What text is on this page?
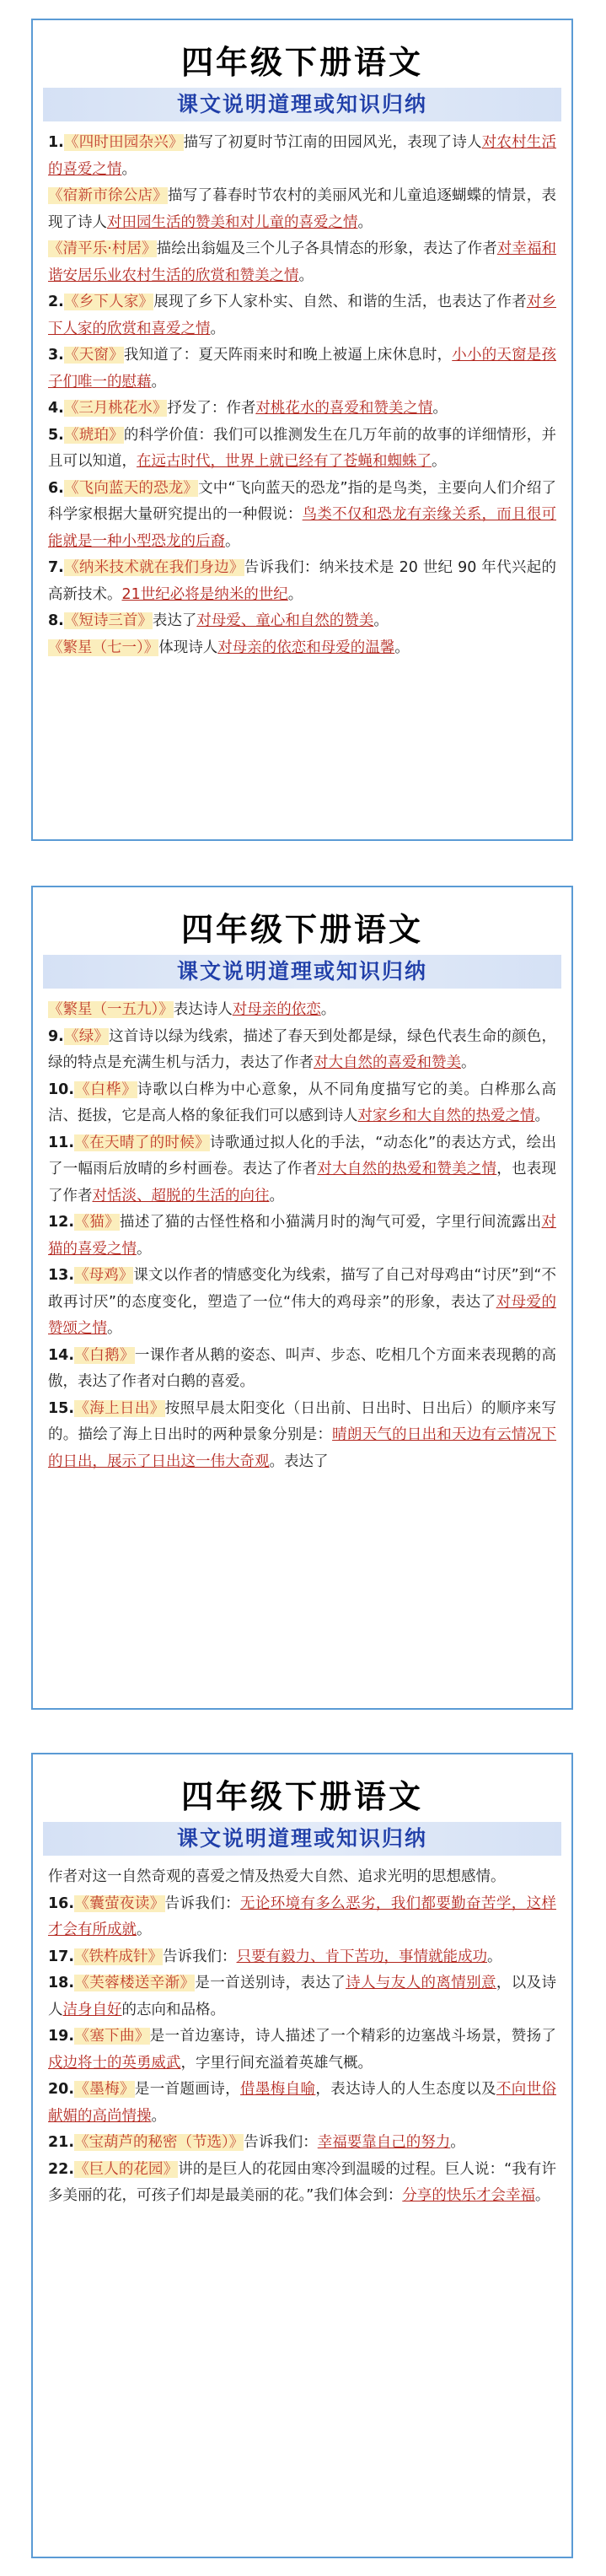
四年级下册语文
课文说明道理或知识归纳

1.《四时田园杂兴》描写了初夏时节江南的田园风光，表现了诗人对农村生活的喜爱之情。

《宿新市徐公店》描写了暮春时节农村的美丽风光和儿童追逐蝴蝶的情景，表现了诗人对田园生活的赞美和对儿童的喜爱之情。

《清平乐·村居》描绘出翁媪及三个儿子各具情态的形象，表达了作者对幸福和谐安居乐业农村生活的欣赏和赞美之情。

2.《乡下人家》展现了乡下人家朴实、自然、和谐的生活，也表达了作者对乡下人家的欣赏和喜爱之情。

3.《天窗》我知道了：夏天阵雨来时和晚上被逼上床休息时，小小的天窗是孩子们唯一的慰藉。

4.《三月桃花水》抒发了：作者对桃花水的喜爱和赞美之情。

5.《琥珀》的科学价值：我们可以推测发生在几万年前的故事的详细情形，并且可以知道，在远古时代，世界上就已经有了苍蝇和蜘蛛了。

6.《飞向蓝天的恐龙》文中“飞向蓝天的恐龙”指的是鸟类，主要向人们介绍了科学家根据大量研究提出的一种假说：鸟类不仅和恐龙有亲缘关系，而且很可能就是一种小型恐龙的后裔。

7.《纳米技术就在我们身边》告诉我们：纳米技术是 20 世纪 90 年代兴起的高新技术。21世纪必将是纳米的世纪。

8.《短诗三首》表达了对母爱、童心和自然的赞美。

《繁星（七一）》体现诗人对母亲的依恋和母爱的温馨。

四年级下册语文
课文说明道理或知识归纳

《繁星（一五九）》表达诗人对母亲的依恋。

9.《绿》这首诗以绿为线索，描述了春天到处都是绿，绿色代表生命的颜色，绿的特点是充满生机与活力，表达了作者对大自然的喜爱和赞美。

10.《白桦》诗歌以白桦为中心意象，从不同角度描写它的美。白桦那么高洁、挺拔，它是高人格的象征我们可以感到诗人对家乡和大自然的热爱之情。

11.《在天晴了的时候》诗歌通过拟人化的手法，“动态化”的表达方式，绘出了一幅雨后放晴的乡村画卷。表达了作者对大自然的热爱和赞美之情，也表现了作者对恬淡、超脱的生活的向往。

12.《猫》描述了猫的古怪性格和小猫满月时的淘气可爱，字里行间流露出对猫的喜爱之情。

13.《母鸡》课文以作者的情感变化为线索，描写了自己对母鸡由“讨厌”到“不敢再讨厌”的态度变化，塑造了一位“伟大的鸡母亲”的形象，表达了对母爱的赞颂之情。

14.《白鹅》一课作者从鹅的姿态、叫声、步态、吃相几个方面来表现鹅的高傲，表达了作者对白鹅的喜爱。

15.《海上日出》按照早晨太阳变化（日出前、日出时、日出后）的顺序来写的。描绘了海上日出时的两种景象分别是：晴朗天气的日出和天边有云情况下的日出，展示了日出这一伟大奇观。表达了

四年级下册语文
课文说明道理或知识归纳

作者对这一自然奇观的喜爱之情及热爱大自然、追求光明的思想感情。

16.《囊萤夜读》告诉我们：无论环境有多么恶劣，我们都要勤奋苦学，这样才会有所成就。

17.《铁杵成针》告诉我们：只要有毅力、肯下苦功，事情就能成功。

18.《芙蓉楼送辛渐》是一首送别诗，表达了诗人与友人的离情别意，以及诗人洁身自好的志向和品格。

19.《塞下曲》是一首边塞诗，诗人描述了一个精彩的边塞战斗场景，赞扬了戍边将士的英勇威武，字里行间充溢着英雄气概。

20.《墨梅》是一首题画诗，借墨梅自喻，表达诗人的人生态度以及不向世俗献媚的高尚情操。

21.《宝葫芦的秘密（节选）》告诉我们：幸福要靠自己的努力。

22.《巨人的花园》讲的是巨人的花园由寒冷到温暖的过程。巨人说：“我有许多美丽的花，可孩子们却是最美丽的花。”我们体会到：分享的快乐才会幸福。
